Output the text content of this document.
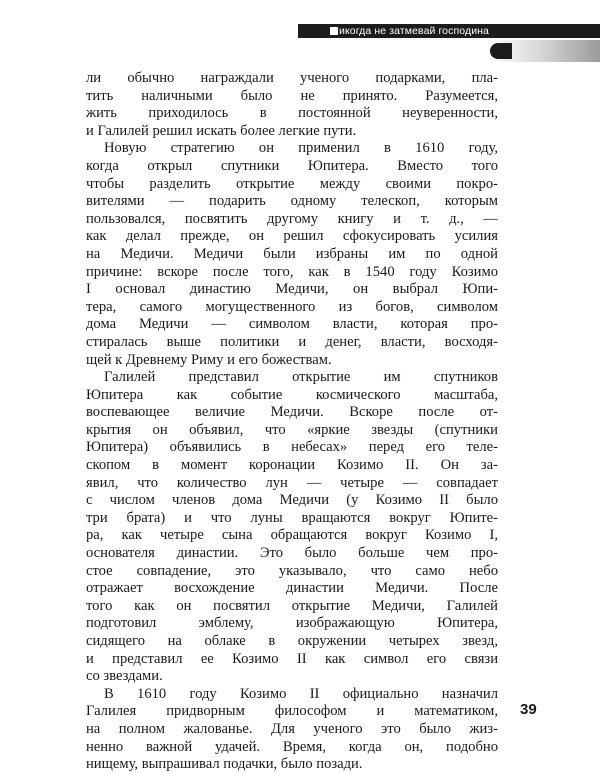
икогда не затмевай господина
ли обычно награждали ученого подарками, пла-
тить наличными было не принято. Разумеется,
жить приходилось в постоянной неуверенности,
и Галилей решил искать более легкие пути.
Новую стратегию он применил в 1610 году,
когда открыл спутники Юпитера. Вместо того
чтобы разделить открытие между своими покро-
вителями — подарить одному телескоп, которым
пользовался, посвятить другому книгу и т. д., —
как делал прежде, он решил сфокусировать усилия
на Медичи. Медичи были избраны им по одной
причине: вскоре после того, как в 1540 году Козимо
I основал династию Медичи, он выбрал Юпи-
тера, самого могущественного из богов, символом
дома Медичи — символом власти, которая про-
стиралась выше политики и денег, власти, восходя-
щей к Древнему Риму и его божествам.
Галилей представил открытие им спутников
Юпитера как событие космического масштаба,
воспевающее величие Медичи. Вскоре после от-
крытия он объявил, что «яркие звезды (спутники
Юпитера) объявились в небесах» перед его теле-
скопом в момент коронации Козимо II. Он за-
явил, что количество лун — четыре — совпадает
с числом членов дома Медичи (у Козимо II было
три брата) и что луны вращаются вокруг Юпите-
ра, как четыре сына обращаются вокруг Козимо I,
основателя династии. Это было больше чем про-
стое совпадение, это указывало, что само небо
отражает восхождение династии Медичи. После
того как он посвятил открытие Медичи, Галилей
подготовил эмблему, изображающую Юпитера,
сидящего на облаке в окружении четырех звезд,
и представил ее Козимо II как символ его связи
со звездами.
В 1610 году Козимо II официально назначил
Галилея придворным философом и математиком,
на полном жалованье. Для ученого это было жиз-
ненно важной удачей. Время, когда он, подобно
нищему, выпрашивал подачки, было позади.
39
